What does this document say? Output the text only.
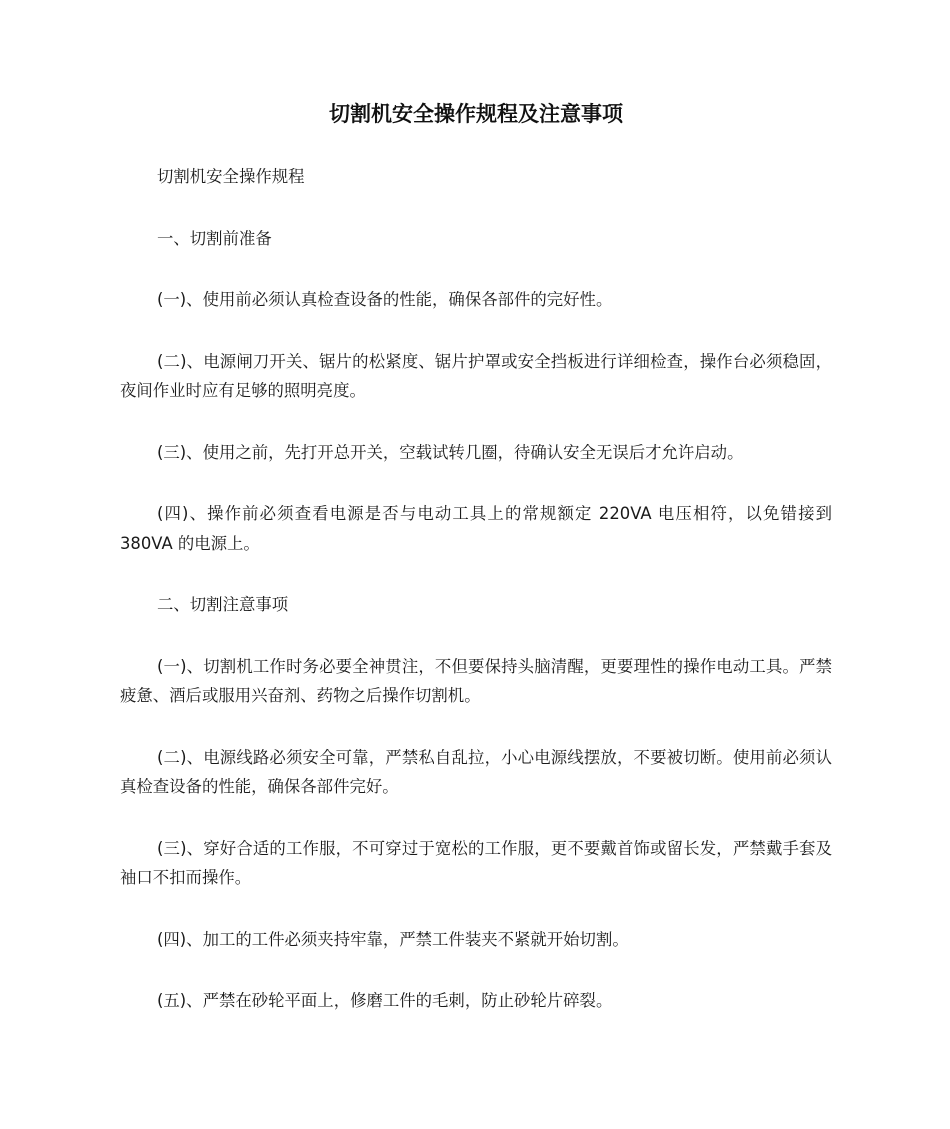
切割机安全操作规程及注意事项

切割机安全操作规程

一、切割前准备

(一)、使用前必须认真检查设备的性能，确保各部件的完好性。

(二)、电源闸刀开关、锯片的松紧度、锯片护罩或安全挡板进行详细检查，操作台必须稳固，夜间作业时应有足够的照明亮度。

(三)、使用之前，先打开总开关，空载试转几圈，待确认安全无误后才允许启动。

(四)、操作前必须查看电源是否与电动工具上的常规额定 220VA 电压相符，以免错接到 380VA 的电源上。

二、切割注意事项

(一)、切割机工作时务必要全神贯注，不但要保持头脑清醒，更要理性的操作电动工具。严禁疲惫、酒后或服用兴奋剂、药物之后操作切割机。

(二)、电源线路必须安全可靠，严禁私自乱拉，小心电源线摆放，不要被切断。使用前必须认真检查设备的性能，确保各部件完好。

(三)、穿好合适的工作服，不可穿过于宽松的工作服，更不要戴首饰或留长发，严禁戴手套及袖口不扣而操作。

(四)、加工的工件必须夹持牢靠，严禁工件装夹不紧就开始切割。

(五)、严禁在砂轮平面上，修磨工件的毛刺，防止砂轮片碎裂。
